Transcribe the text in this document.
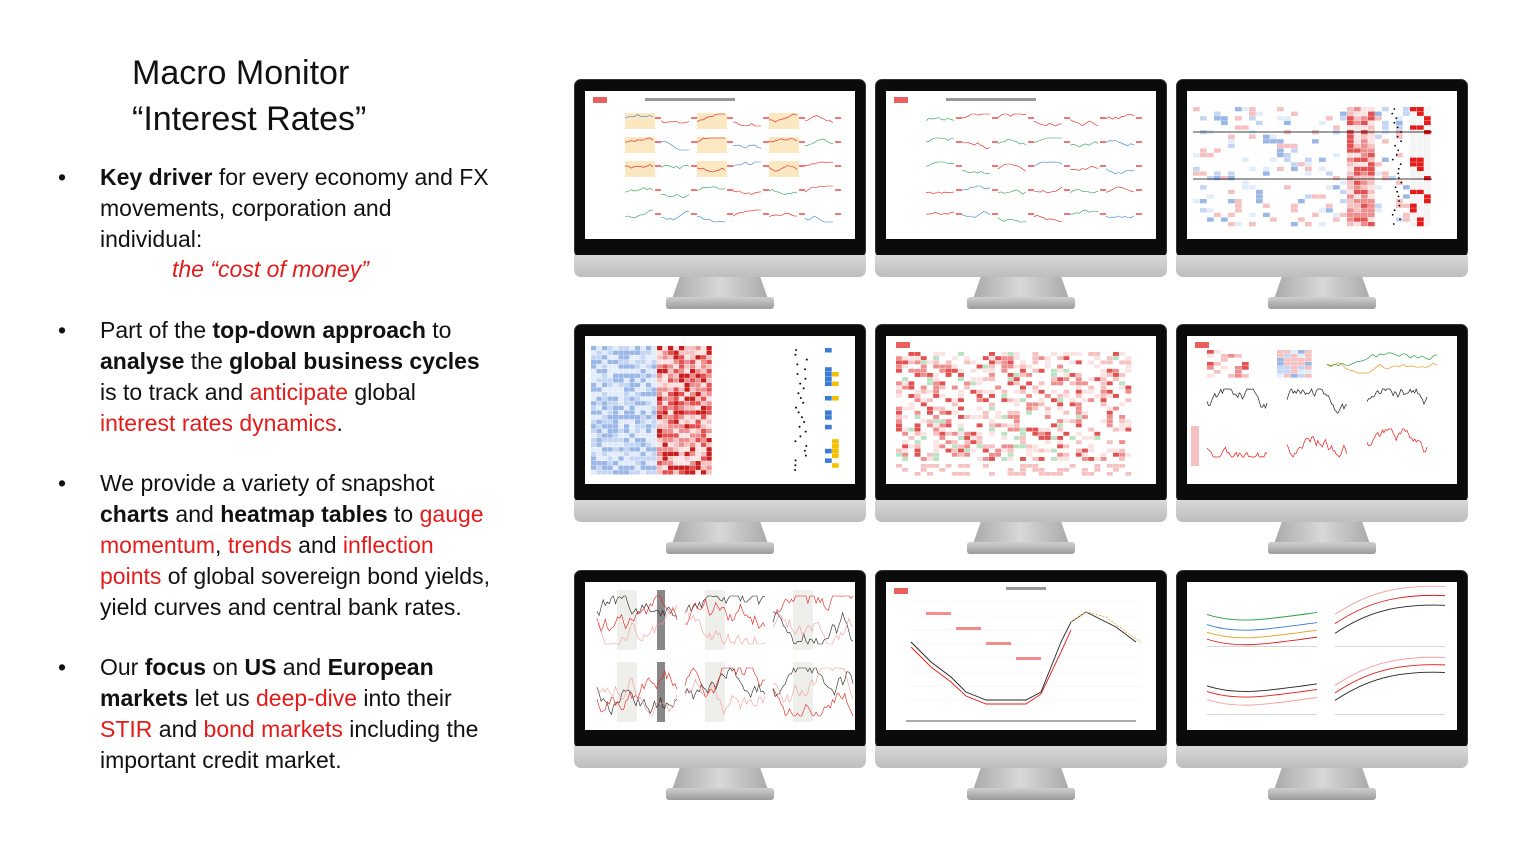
Macro Monitor
“Interest Rates”
• Key driver for every economy and FX movements, corporation and individual:
the “cost of money”
• Part of the top-down approach to analyse the global business cycles is to track and anticipate global interest rates dynamics.
• We provide a variety of snapshot charts and heatmap tables to gauge momentum, trends and inflection points of global sovereign bond yields, yield curves and central bank rates.
• Our focus on US and European markets let us deep-dive into their STIR and bond markets including the important credit market.
